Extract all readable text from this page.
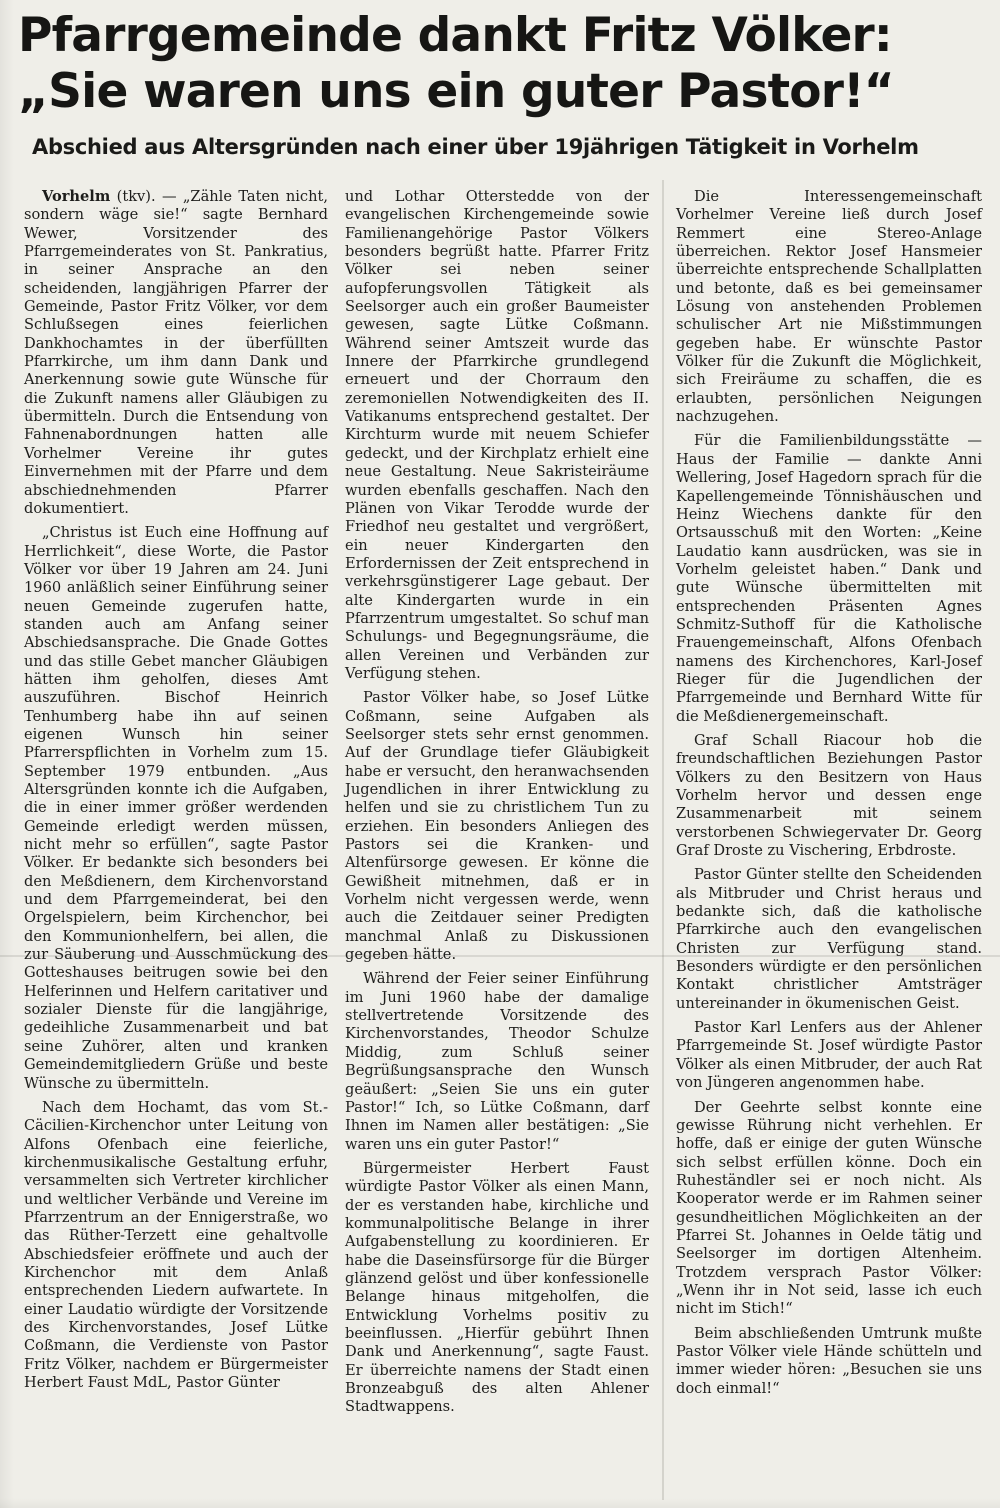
Pfarrgemeinde dankt Fritz Völker:
„Sie waren uns ein guter Pastor!“
Abschied aus Altersgründen nach einer über 19jährigen Tätigkeit in Vorhelm

Vorhelm (tkv). — „Zähle Taten nicht, sondern wäge sie!“ sagte Bernhard Wewer, Vorsitzender des Pfarrgemeinderates von St. Pankratius, in seiner Ansprache an den scheidenden, langjährigen Pfarrer der Gemeinde, Pastor Fritz Völker, vor dem Schlußsegen eines feierlichen Dankhochamtes in der überfüllten Pfarrkirche, um ihm dann Dank und Anerkennung sowie gute Wünsche für die Zukunft namens aller Gläubigen zu übermitteln. Durch die Entsendung von Fahnenabordnungen hatten alle Vorhelmer Vereine ihr gutes Einvernehmen mit der Pfarre und dem abschiednehmenden Pfarrer dokumentiert.

„Christus ist Euch eine Hoffnung auf Herrlichkeit“, diese Worte, die Pastor Völker vor über 19 Jahren am 24. Juni 1960 anläßlich seiner Einführung seiner neuen Gemeinde zugerufen hatte, standen auch am Anfang seiner Abschiedsansprache. Die Gnade Gottes und das stille Gebet mancher Gläubigen hätten ihm geholfen, dieses Amt auszuführen. Bischof Heinrich Tenhumberg habe ihn auf seinen eigenen Wunsch hin seiner Pfarrerspflichten in Vorhelm zum 15. September 1979 entbunden. „Aus Altersgründen konnte ich die Aufgaben, die in einer immer größer werdenden Gemeinde erledigt werden müssen, nicht mehr so erfüllen“, sagte Pastor Völker. Er bedankte sich besonders bei den Meßdienern, dem Kirchenvorstand und dem Pfarrgemeinderat, bei den Orgelspielern, beim Kirchenchor, bei den Kommunionhelfern, bei allen, die zur Säuberung und Ausschmückung des Gotteshauses beitrugen sowie bei den Helferinnen und Helfern caritativer und sozialer Dienste für die langjährige, gedeihliche Zusammenarbeit und bat seine Zuhörer, alten und kranken Gemeindemitgliedern Grüße und beste Wünsche zu übermitteln.

Nach dem Hochamt, das vom St.-Cäcilien-Kirchenchor unter Leitung von Alfons Ofenbach eine feierliche, kirchenmusikalische Gestaltung erfuhr, versammelten sich Vertreter kirchlicher und weltlicher Verbände und Vereine im Pfarrzentrum an der Ennigerstraße, wo das Rüther-Terzett eine gehaltvolle Abschiedsfeier eröffnete und auch der Kirchenchor mit dem Anlaß entsprechenden Liedern aufwartete. In einer Laudatio würdigte der Vorsitzende des Kirchenvorstandes, Josef Lütke Coßmann, die Verdienste von Pastor Fritz Völker, nachdem er Bürgermeister Herbert Faust MdL, Pastor Günter

und Lothar Otterstedde von der evangelischen Kirchengemeinde sowie Familienangehörige Pastor Völkers besonders begrüßt hatte. Pfarrer Fritz Völker sei neben seiner aufopferungsvollen Tätigkeit als Seelsorger auch ein großer Baumeister gewesen, sagte Lütke Coßmann. Während seiner Amtszeit wurde das Innere der Pfarrkirche grundlegend erneuert und der Chorraum den zeremoniellen Notwendigkeiten des II. Vatikanums entsprechend gestaltet. Der Kirchturm wurde mit neuem Schiefer gedeckt, und der Kirchplatz erhielt eine neue Gestaltung. Neue Sakristeiräume wurden ebenfalls geschaffen. Nach den Plänen von Vikar Terodde wurde der Friedhof neu gestaltet und vergrößert, ein neuer Kindergarten den Erfordernissen der Zeit entsprechend in verkehrsgünstigerer Lage gebaut. Der alte Kindergarten wurde in ein Pfarrzentrum umgestaltet. So schuf man Schulungs- und Begegnungsräume, die allen Vereinen und Verbänden zur Verfügung stehen.

Pastor Völker habe, so Josef Lütke Coßmann, seine Aufgaben als Seelsorger stets sehr ernst genommen. Auf der Grundlage tiefer Gläubigkeit habe er versucht, den heranwachsenden Jugendlichen in ihrer Entwicklung zu helfen und sie zu christlichem Tun zu erziehen. Ein besonders Anliegen des Pastors sei die Kranken- und Altenfürsorge gewesen. Er könne die Gewißheit mitnehmen, daß er in Vorhelm nicht vergessen werde, wenn auch die Zeitdauer seiner Predigten manchmal Anlaß zu Diskussionen gegeben hätte.

Während der Feier seiner Einführung im Juni 1960 habe der damalige stellvertretende Vorsitzende des Kirchenvorstandes, Theodor Schulze Middig, zum Schluß seiner Begrüßungsansprache den Wunsch geäußert: „Seien Sie uns ein guter Pastor!“ Ich, so Lütke Coßmann, darf Ihnen im Namen aller bestätigen: „Sie waren uns ein guter Pastor!“

Bürgermeister Herbert Faust würdigte Pastor Völker als einen Mann, der es verstanden habe, kirchliche und kommunalpolitische Belange in ihrer Aufgabenstellung zu koordinieren. Er habe die Daseinsfürsorge für die Bürger glänzend gelöst und über konfessionelle Belange hinaus mitgeholfen, die Entwicklung Vorhelms positiv zu beeinflussen. „Hierfür gebührt Ihnen Dank und Anerkennung“, sagte Faust. Er überreichte namens der Stadt einen Bronzeabguß des alten Ahlener Stadtwappens.

Die Interessengemeinschaft Vorhelmer Vereine ließ durch Josef Remmert eine Stereo-Anlage überreichen. Rektor Josef Hansmeier überreichte entsprechende Schallplatten und betonte, daß es bei gemeinsamer Lösung von anstehenden Problemen schulischer Art nie Mißstimmungen gegeben habe. Er wünschte Pastor Völker für die Zukunft die Möglichkeit, sich Freiräume zu schaffen, die es erlaubten, persönlichen Neigungen nachzugehen.

Für die Familienbildungsstätte — Haus der Familie — dankte Anni Wellering, Josef Hagedorn sprach für die Kapellengemeinde Tönnishäuschen und Heinz Wiechens dankte für den Ortsausschuß mit den Worten: „Keine Laudatio kann ausdrücken, was sie in Vorhelm geleistet haben.“ Dank und gute Wünsche übermittelten mit entsprechenden Präsenten Agnes Schmitz-Suthoff für die Katholische Frauengemeinschaft, Alfons Ofenbach namens des Kirchenchores, Karl-Josef Rieger für die Jugendlichen der Pfarrgemeinde und Bernhard Witte für die Meßdienergemeinschaft.

Graf Schall Riacour hob die freundschaftlichen Beziehungen Pastor Völkers zu den Besitzern von Haus Vorhelm hervor und dessen enge Zusammenarbeit mit seinem verstorbenen Schwiegervater Dr. Georg Graf Droste zu Vischering, Erbdroste.

Pastor Günter stellte den Scheidenden als Mitbruder und Christ heraus und bedankte sich, daß die katholische Pfarrkirche auch den evangelischen Christen zur Verfügung stand. Besonders würdigte er den persönlichen Kontakt christlicher Amtsträger untereinander in ökumenischen Geist.

Pastor Karl Lenfers aus der Ahlener Pfarrgemeinde St. Josef würdigte Pastor Völker als einen Mitbruder, der auch Rat von Jüngeren angenommen habe.

Der Geehrte selbst konnte eine gewisse Rührung nicht verhehlen. Er hoffe, daß er einige der guten Wünsche sich selbst erfüllen könne. Doch ein Ruheständler sei er noch nicht. Als Kooperator werde er im Rahmen seiner gesundheitlichen Möglichkeiten an der Pfarrei St. Johannes in Oelde tätig und Seelsorger im dortigen Altenheim. Trotzdem versprach Pastor Völker: „Wenn ihr in Not seid, lasse ich euch nicht im Stich!“

Beim abschließenden Umtrunk mußte Pastor Völker viele Hände schütteln und immer wieder hören: „Besuchen sie uns doch einmal!“
